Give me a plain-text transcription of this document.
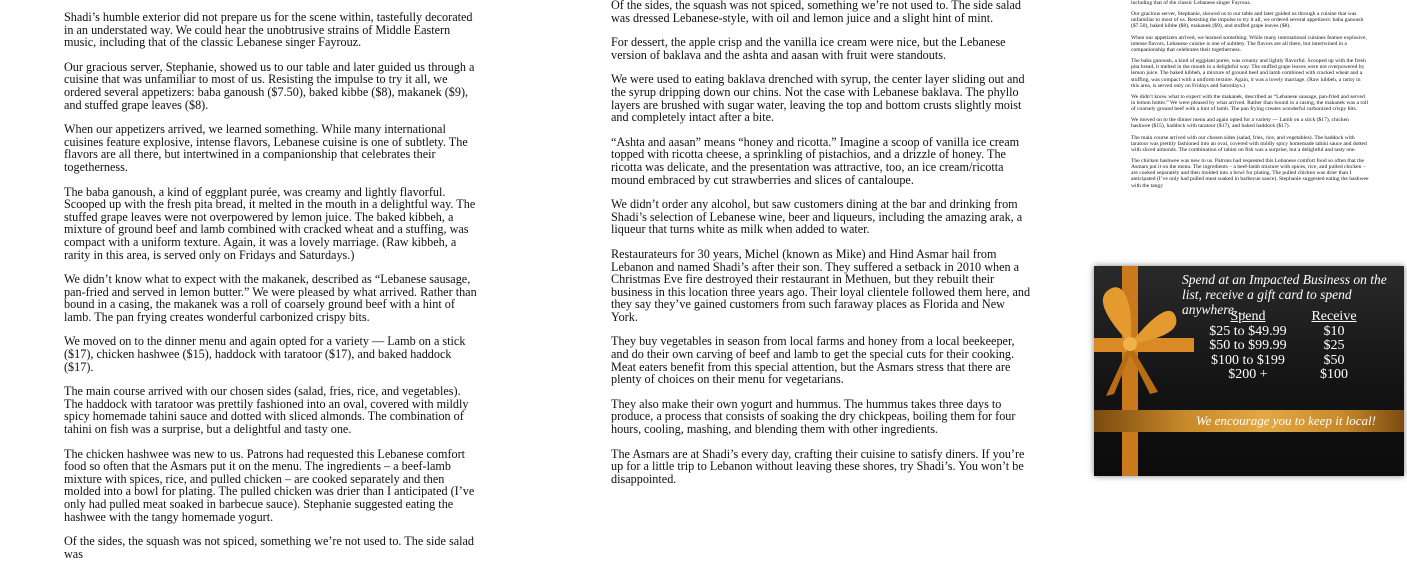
Shadi’s humble exterior did not prepare us for the scene within, tastefully decorated in an understated way. We could hear the unobtrusive strains of Middle Eastern music, including that of the classic Lebanese singer Fayrouz.

Our gracious server, Stephanie, showed us to our table and later guided us through a cuisine that was unfamiliar to most of us. Resisting the impulse to try it all, we ordered several appetizers: baba ganoush ($7.50), baked kibbe ($8), makanek ($9), and stuffed grape leaves ($8).

When our appetizers arrived, we learned something. While many international cuisines feature explosive, intense flavors, Lebanese cuisine is one of subtlety. The flavors are all there, but intertwined in a companionship that celebrates their togetherness.

The baba ganoush, a kind of eggplant purée, was creamy and lightly flavorful. Scooped up with the fresh pita bread, it melted in the mouth in a delightful way. The stuffed grape leaves were not overpowered by lemon juice. The baked kibbeh, a mixture of ground beef and lamb combined with cracked wheat and a stuffing, was compact with a uniform texture. Again, it was a lovely marriage. (Raw kibbeh, a rarity in this area, is served only on Fridays and Saturdays.)

We didn’t know what to expect with the makanek, described as “Lebanese sausage, pan-fried and served in lemon butter.” We were pleased by what arrived. Rather than bound in a casing, the makanek was a roll of coarsely ground beef with a hint of lamb. The pan frying creates wonderful carbonized crispy bits.

We moved on to the dinner menu and again opted for a variety — Lamb on a stick ($17), chicken hashwee ($15), haddock with taratoor ($17), and baked haddock ($17).

The main course arrived with our chosen sides (salad, fries, rice, and vegetables). The haddock with taratoor was prettily fashioned into an oval, covered with mildly spicy homemade tahini sauce and dotted with sliced almonds. The combination of tahini on fish was a surprise, but a delightful and tasty one.

The chicken hashwee was new to us. Patrons had requested this Lebanese comfort food so often that the Asmars put it on the menu. The ingredients – a beef-lamb mixture with spices, rice, and pulled chicken – are cooked separately and then molded into a bowl for plating. The pulled chicken was drier than I anticipated (I’ve only had pulled meat soaked in barbecue sauce). Stephanie suggested eating the hashwee with the tangy homemade yogurt.

Of the sides, the squash was not spiced, something we’re not used to. The side salad was

Of the sides, the squash was not spiced, something we’re not used to. The side salad was dressed Lebanese-style, with oil and lemon juice and a slight hint of mint.

For dessert, the apple crisp and the vanilla ice cream were nice, but the Lebanese version of baklava and the ashta and aasan with fruit were standouts.

We were used to eating baklava drenched with syrup, the center layer sliding out and the syrup dripping down our chins. Not the case with Lebanese baklava. The phyllo layers are brushed with sugar water, leaving the top and bottom crusts slightly moist and completely intact after a bite.

“Ashta and aasan” means “honey and ricotta.” Imagine a scoop of vanilla ice cream topped with ricotta cheese, a sprinkling of pistachios, and a drizzle of honey. The ricotta was delicate, and the presentation was attractive, too, an ice cream/ricotta mound embraced by cut strawberries and slices of cantaloupe.

We didn’t order any alcohol, but saw customers dining at the bar and drinking from Shadi’s selection of Lebanese wine, beer and liqueurs, including the amazing arak, a liqueur that turns white as milk when added to water.

Restaurateurs for 30 years, Michel (known as Mike) and Hind Asmar hail from Lebanon and named Shadi’s after their son. They suffered a setback in 2010 when a Christmas Eve fire destroyed their restaurant in Methuen, but they rebuilt their business in this location three years ago. Their loyal clientele followed them here, and they say they’ve gained customers from such faraway places as Florida and New York.

They buy vegetables in season from local farms and honey from a local beekeeper, and do their own carving of beef and lamb to get the special cuts for their cooking. Meat eaters benefit from this special attention, but the Asmars stress that there are plenty of choices on their menu for vegetarians.

They also make their own yogurt and hummus. The hummus takes three days to produce, a process that consists of soaking the dry chickpeas, boiling them for four hours, cooling, mashing, and blending them with other ingredients.

The Asmars are at Shadi’s every day, crafting their cuisine to satisfy diners. If you’re up for a little trip to Lebanon without leaving these shores, try Shadi’s. You won’t be disappointed.

including that of the classic Lebanese singer Fayrouz.

Our gracious server, Stephanie, showed us to our table and later guided us through a cuisine that was unfamiliar to most of us. Resisting the impulse to try it all, we ordered several appetizers: baba ganoush ($7.50), baked kibbe ($8), makanek ($9), and stuffed grape leaves ($8).

When our appetizers arrived, we learned something. While many international cuisines feature explosive, intense flavors, Lebanese cuisine is one of subtlety. The flavors are all there, but intertwined in a companionship that celebrates their togetherness.

The baba ganoush, a kind of eggplant purée, was creamy and lightly flavorful. Scooped up with the fresh pita bread, it melted in the mouth in a delightful way. The stuffed grape leaves were not overpowered by lemon juice. The baked kibbeh, a mixture of ground beef and lamb combined with cracked wheat and a stuffing, was compact with a uniform texture. Again, it was a lovely marriage. (Raw kibbeh, a rarity in this area, is served only on Fridays and Saturdays.)

We didn’t know what to expect with the makanek, described as “Lebanese sausage, pan-fried and served in lemon butter.” We were pleased by what arrived. Rather than bound in a casing, the makanek was a roll of coarsely ground beef with a hint of lamb. The pan frying creates wonderful carbonized crispy bits.

We moved on to the dinner menu and again opted for a variety — Lamb on a stick ($17), chicken hashwee ($15), haddock with taratoor ($17), and baked haddock ($17).

The main course arrived with our chosen sides (salad, fries, rice, and vegetables). The haddock with taratoor was prettily fashioned into an oval, covered with mildly spicy homemade tahini sauce and dotted with sliced almonds. The combination of tahini on fish was a surprise, but a delightful and tasty one.

The chicken hashwee was new to us. Patrons had requested this Lebanese comfort food so often that the Asmars put it on the menu. The ingredients – a beef-lamb mixture with spices, rice, and pulled chicken – are cooked separately and then molded into a bowl for plating. The pulled chicken was drier than I anticipated (I’ve only had pulled meat soaked in barbecue sauce). Stephanie suggested eating the hashwee with the tangy

Spend at an Impacted Business on the list, receive a gift card to spend anywhere…
Spend	Receive
$25 to $49.99	$10
$50 to $99.99	$25
$100 to $199	$50
$200 +	$100
We encourage you to keep it local!
